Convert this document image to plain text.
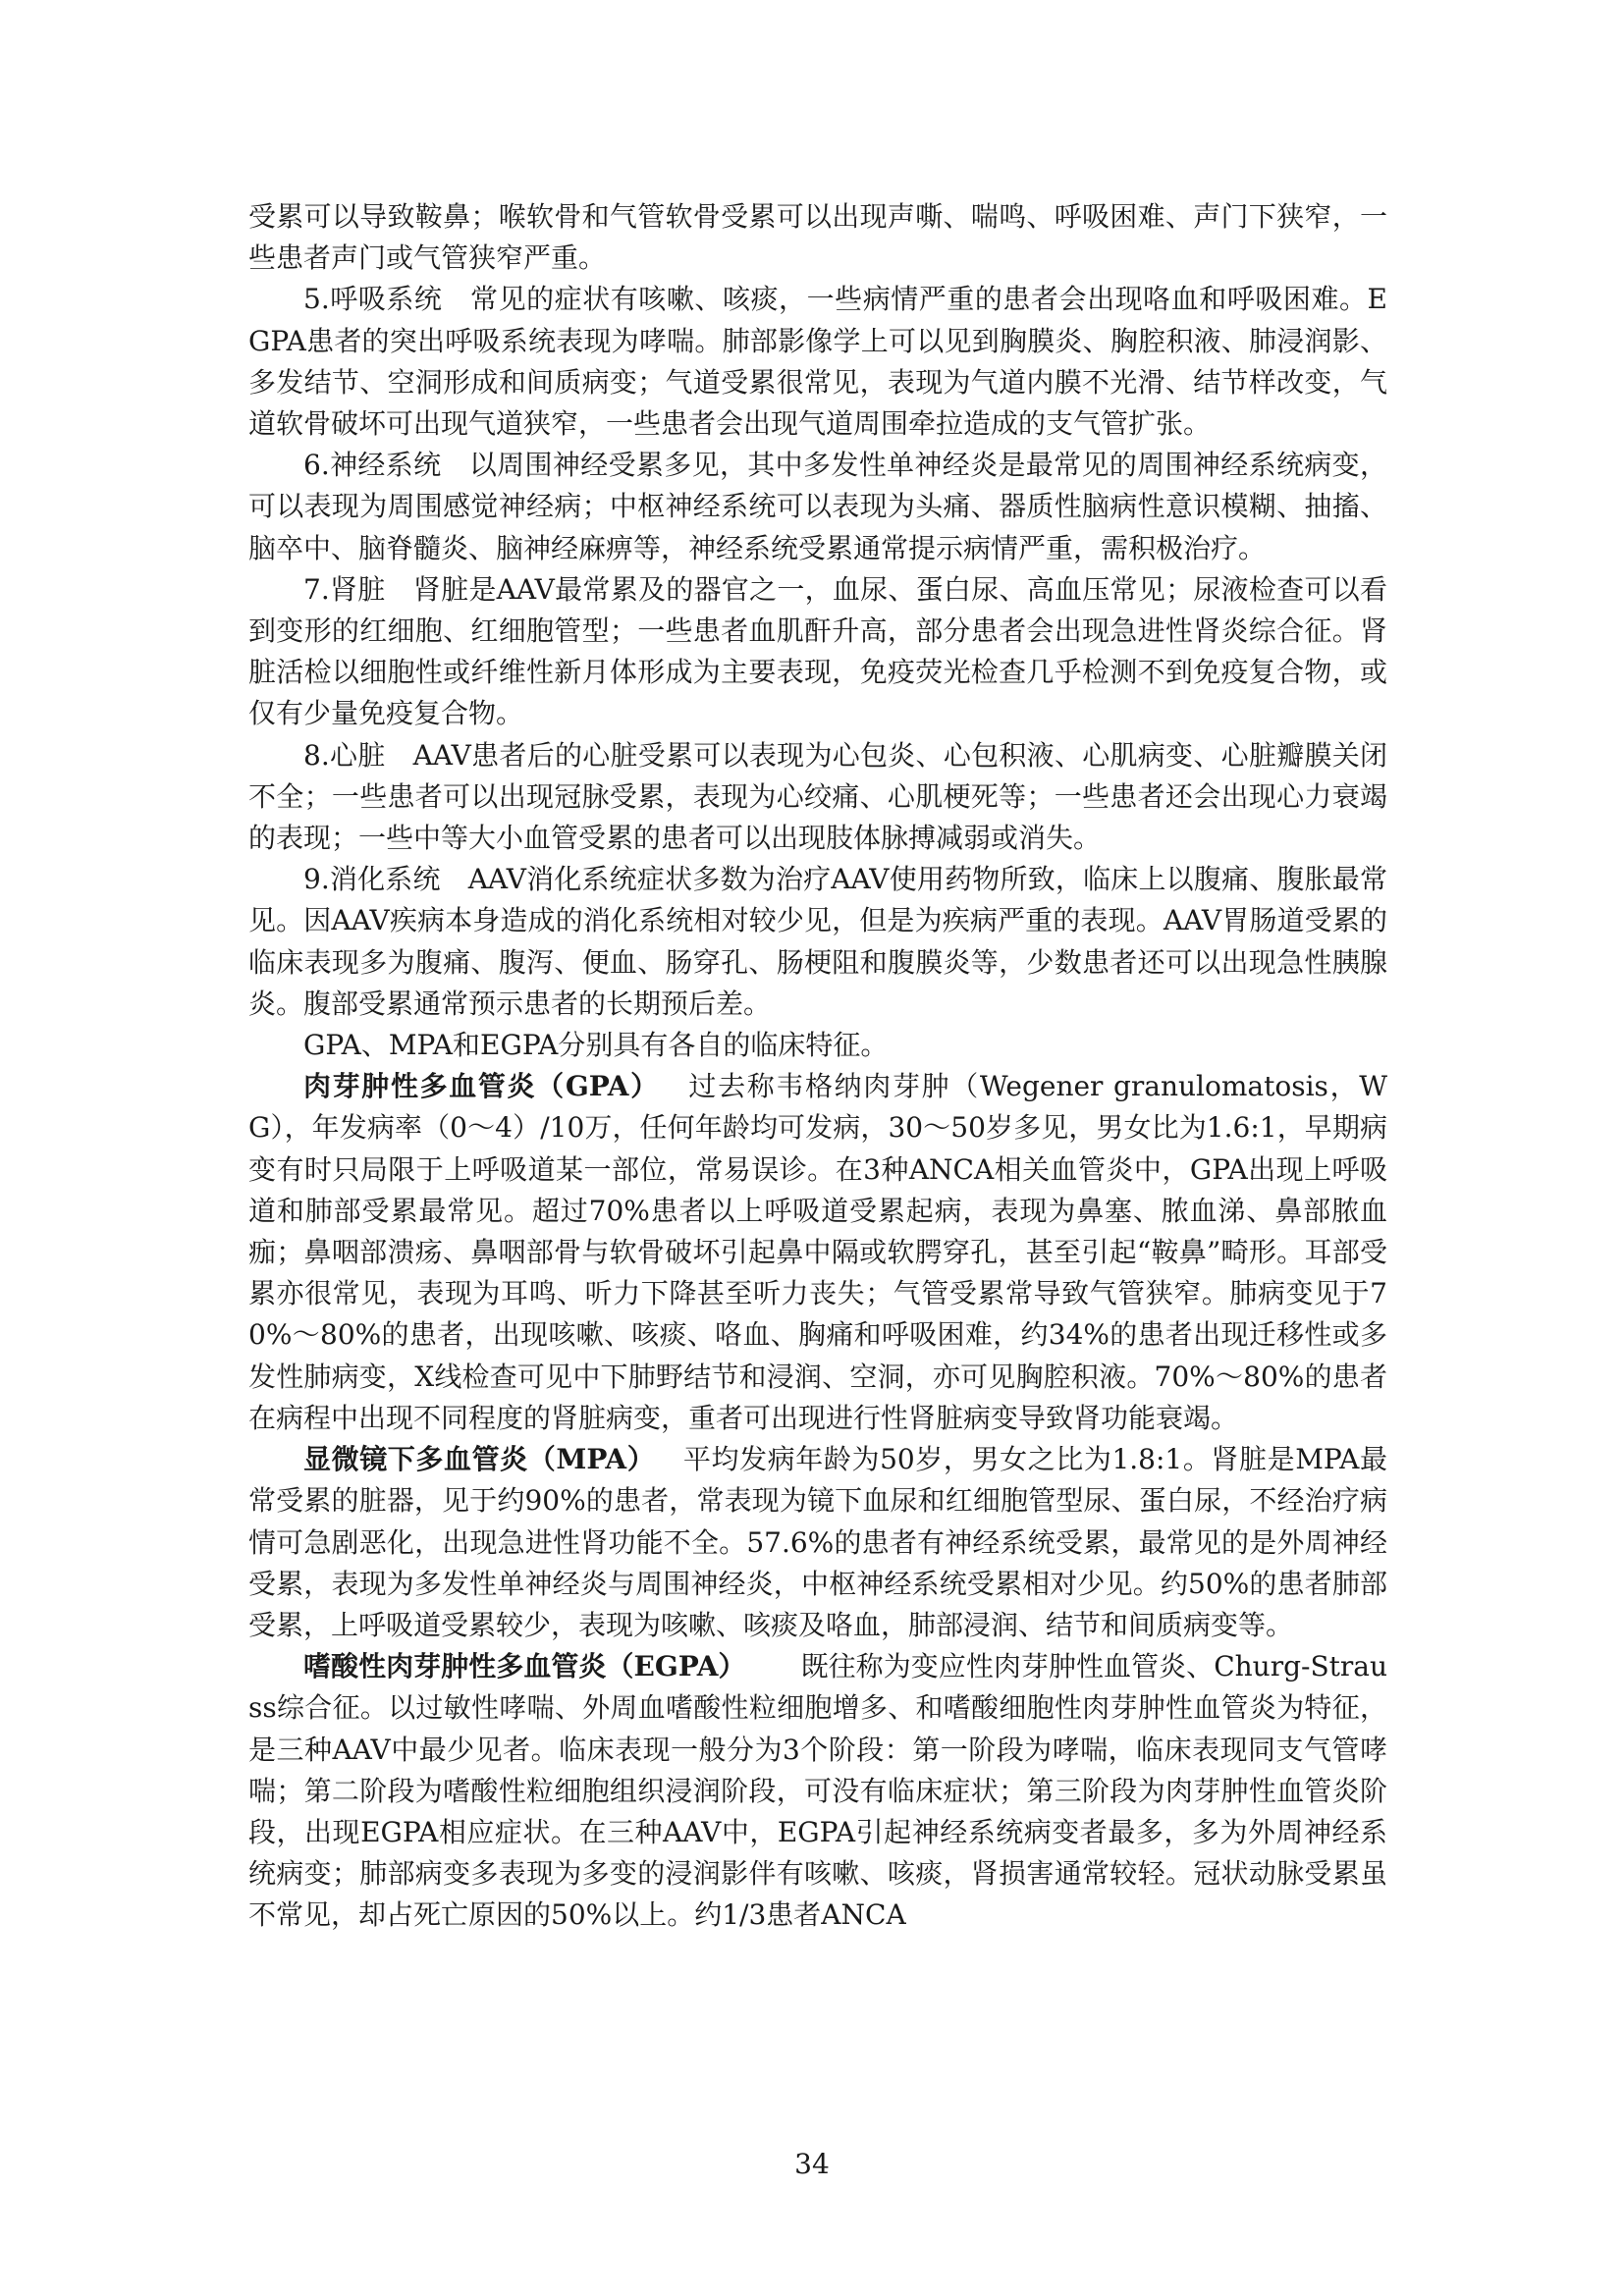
受累可以导致鞍鼻；喉软骨和气管软骨受累可以出现声嘶、喘鸣、呼吸困难、声门下狭窄，一些患者声门或气管狭窄严重。

5.呼吸系统 常见的症状有咳嗽、咳痰，一些病情严重的患者会出现咯血和呼吸困难。EGPA患者的突出呼吸系统表现为哮喘。肺部影像学上可以见到胸膜炎、胸腔积液、肺浸润影、多发结节、空洞形成和间质病变；气道受累很常见，表现为气道内膜不光滑、结节样改变，气道软骨破坏可出现气道狭窄，一些患者会出现气道周围牵拉造成的支气管扩张。

6.神经系统 以周围神经受累多见，其中多发性单神经炎是最常见的周围神经系统病变，可以表现为周围感觉神经病；中枢神经系统可以表现为头痛、器质性脑病性意识模糊、抽搐、脑卒中、脑脊髓炎、脑神经麻痹等，神经系统受累通常提示病情严重，需积极治疗。

7.肾脏 肾脏是AAV最常累及的器官之一，血尿、蛋白尿、高血压常见；尿液检查可以看到变形的红细胞、红细胞管型；一些患者血肌酐升高，部分患者会出现急进性肾炎综合征。肾脏活检以细胞性或纤维性新月体形成为主要表现，免疫荧光检查几乎检测不到免疫复合物，或仅有少量免疫复合物。

8.心脏 AAV患者后的心脏受累可以表现为心包炎、心包积液、心肌病变、心脏瓣膜关闭不全；一些患者可以出现冠脉受累，表现为心绞痛、心肌梗死等；一些患者还会出现心力衰竭的表现；一些中等大小血管受累的患者可以出现肢体脉搏减弱或消失。

9.消化系统 AAV消化系统症状多数为治疗AAV使用药物所致，临床上以腹痛、腹胀最常见。因AAV疾病本身造成的消化系统相对较少见，但是为疾病严重的表现。AAV胃肠道受累的临床表现多为腹痛、腹泻、便血、肠穿孔、肠梗阻和腹膜炎等，少数患者还可以出现急性胰腺炎。腹部受累通常预示患者的长期预后差。

GPA、MPA和EGPA分别具有各自的临床特征。

肉芽肿性多血管炎（GPA） 过去称韦格纳肉芽肿（Wegener granulomatosis，WG），年发病率（0～4）/10万，任何年龄均可发病，30～50岁多见，男女比为1.6:1，早期病变有时只局限于上呼吸道某一部位，常易误诊。在3种ANCA相关血管炎中，GPA出现上呼吸道和肺部受累最常见。超过70%患者以上呼吸道受累起病，表现为鼻塞、脓血涕、鼻部脓血痂；鼻咽部溃疡、鼻咽部骨与软骨破坏引起鼻中隔或软腭穿孔，甚至引起“鞍鼻”畸形。耳部受累亦很常见，表现为耳鸣、听力下降甚至听力丧失；气管受累常导致气管狭窄。肺病变见于70%～80%的患者，出现咳嗽、咳痰、咯血、胸痛和呼吸困难，约34%的患者出现迁移性或多发性肺病变，X线检查可见中下肺野结节和浸润、空洞，亦可见胸腔积液。70%～80%的患者在病程中出现不同程度的肾脏病变，重者可出现进行性肾脏病变导致肾功能衰竭。

显微镜下多血管炎（MPA） 平均发病年龄为50岁，男女之比为1.8:1。肾脏是MPA最常受累的脏器，见于约90%的患者，常表现为镜下血尿和红细胞管型尿、蛋白尿，不经治疗病情可急剧恶化，出现急进性肾功能不全。57.6%的患者有神经系统受累，最常见的是外周神经受累，表现为多发性单神经炎与周围神经炎，中枢神经系统受累相对少见。约50%的患者肺部受累，上呼吸道受累较少，表现为咳嗽、咳痰及咯血，肺部浸润、结节和间质病变等。

嗜酸性肉芽肿性多血管炎（EGPA） 既往称为变应性肉芽肿性血管炎、Churg-Strauss综合征。以过敏性哮喘、外周血嗜酸性粒细胞增多、和嗜酸细胞性肉芽肿性血管炎为特征，是三种AAV中最少见者。临床表现一般分为3个阶段：第一阶段为哮喘，临床表现同支气管哮喘；第二阶段为嗜酸性粒细胞组织浸润阶段，可没有临床症状；第三阶段为肉芽肿性血管炎阶段，出现EGPA相应症状。在三种AAV中，EGPA引起神经系统病变者最多，多为外周神经系统病变；肺部病变多表现为多变的浸润影伴有咳嗽、咳痰，肾损害通常较轻。冠状动脉受累虽不常见，却占死亡原因的50%以上。约1/3患者ANCA

34
